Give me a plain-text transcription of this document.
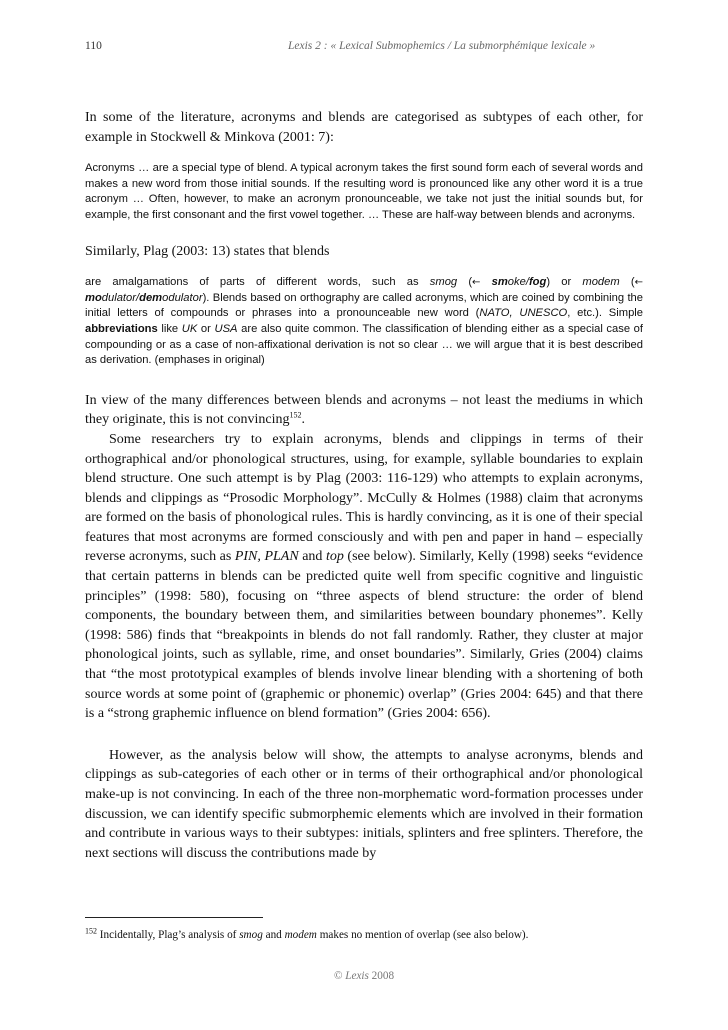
110	Lexis 2 : « Lexical Submophemics / La submorphémique lexicale »

In some of the literature, acronyms and blends are categorised as subtypes of each other, for example in Stockwell & Minkova (2001: 7):

Acronyms … are a special type of blend. A typical acronym takes the first sound form each of several words and makes a new word from those initial sounds. If the resulting word is pronounced like any other word it is a true acronym … Often, however, to make an acronym pronounceable, we take not just the initial sounds but, for example, the first consonant and the first vowel together. … These are half-way between blends and acronyms.

Similarly, Plag (2003: 13) states that blends

are amalgamations of parts of different words, such as smog (← smoke/fog) or modem (← modulator/demodulator). Blends based on orthography are called acronyms, which are coined by combining the initial letters of compounds or phrases into a pronounceable new word (NATO, UNESCO, etc.). Simple abbreviations like UK or USA are also quite common. The classification of blending either as a special case of compounding or as a case of non-affixational derivation is not so clear … we will argue that it is best described as derivation. (emphases in original)

In view of the many differences between blends and acronyms – not least the mediums in which they originate, this is not convincing$^{152}$.

Some researchers try to explain acronyms, blends and clippings in terms of their orthographical and/or phonological structures, using, for example, syllable boundaries to explain blend structure. One such attempt is by Plag (2003: 116-129) who attempts to explain acronyms, blends and clippings as “Prosodic Morphology”. McCully & Holmes (1988) claim that acronyms are formed on the basis of phonological rules. This is hardly convincing, as it is one of their special features that most acronyms are formed consciously and with pen and paper in hand – especially reverse acronyms, such as PIN, PLAN and top (see below). Similarly, Kelly (1998) seeks “evidence that certain patterns in blends can be predicted quite well from specific cognitive and linguistic principles” (1998: 580), focusing on “three aspects of blend structure: the order of blend components, the boundary between them, and similarities between boundary phonemes”. Kelly (1998: 586) finds that “breakpoints in blends do not fall randomly. Rather, they cluster at major phonological joints, such as syllable, rime, and onset boundaries”. Similarly, Gries (2004) claims that “the most prototypical examples of blends involve linear blending with a shortening of both source words at some point of (graphemic or phonemic) overlap” (Gries 2004: 645) and that there is a “strong graphemic influence on blend formation” (Gries 2004: 656).

However, as the analysis below will show, the attempts to analyse acronyms, blends and clippings as sub-categories of each other or in terms of their orthographical and/or phonological make-up is not convincing. In each of the three non-morphematic word-formation processes under discussion, we can identify specific submorphemic elements which are involved in their formation and contribute in various ways to their subtypes: initials, splinters and free splinters. Therefore, the next sections will discuss the contributions made by

$^{152}$ Incidentally, Plag’s analysis of smog and modem makes no mention of overlap (see also below).
© Lexis 2008
